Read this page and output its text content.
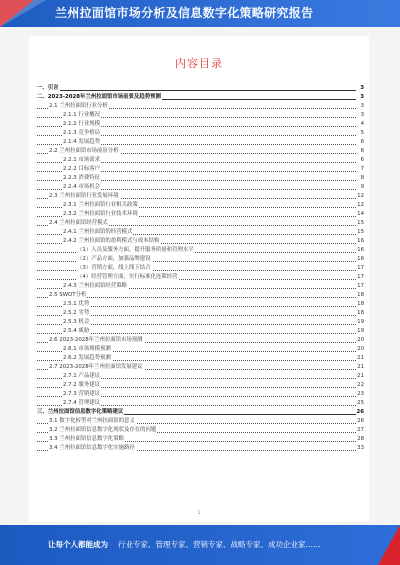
兰州拉面馆市场分析及信息数字化策略研究报告
内容目录
一、引言	3
二、2023-2028年兰州拉面馆市场前景及趋势预测	3
2.1 兰州拉面馆行业分析	3
2.1.1 行业概况	3
2.1.2 行业规模	4
2.1.3 竞争格局	5
2.1.4 发展趋势	6
2.2 兰州拉面馆市场前景分析	6
2.2.1 市场需求	6
2.2.2 目标客户	7
2.2.3 消费特征	8
2.2.4 市场机会	9
2.3 兰州拉面馆行业发展环境	12
2.3.1 兰州拉面馆行业相关政策	12
2.3.2 兰州拉面馆行业技术环境	14
2.4 兰州拉面馆经营模式	15
2.4.1 兰州拉面馆的经营模式	15
2.4.2 兰州拉面馆的盈利模式与成本结构	16
（1）人员及服务方面，提升服务质量和管理水平	16
（2）产品方面，加强品牌建设	16
（3）营销方面，线上线下结合	17
（4）经营管理方面，实行标准化连锁经营	17
2.4.3 兰州拉面馆经营策略	17
2.5 SWOT分析	18
2.5.1 优势	18
2.5.2 劣势	18
2.5.3 机会	19
2.5.4 威胁	19
2.6 2023-2028年兰州拉面馆市场预测	20
2.6.1 市场规模预测	20
2.6.2 发展趋势预测	21
2.7 2023-2028年兰州拉面馆发展建议	21
2.7.1 产品建议	21
2.7.2 服务建议	22
2.7.3 营销建议	23
2.7.4 管理建议	25
三、兰州拉面馆信息数字化策略建议	26
3.1 数字化转型对兰州拉面馆的意义	26
3.2 兰州拉面馆信息数字化现状及存在的问题	27
3.3 兰州拉面馆信息数字化策略	28
3.4 兰州拉面馆信息数字化实施路径	33
1
让每个人都能成为 行业专家、管理专家、营销专家、战略专家、成功企业家……
